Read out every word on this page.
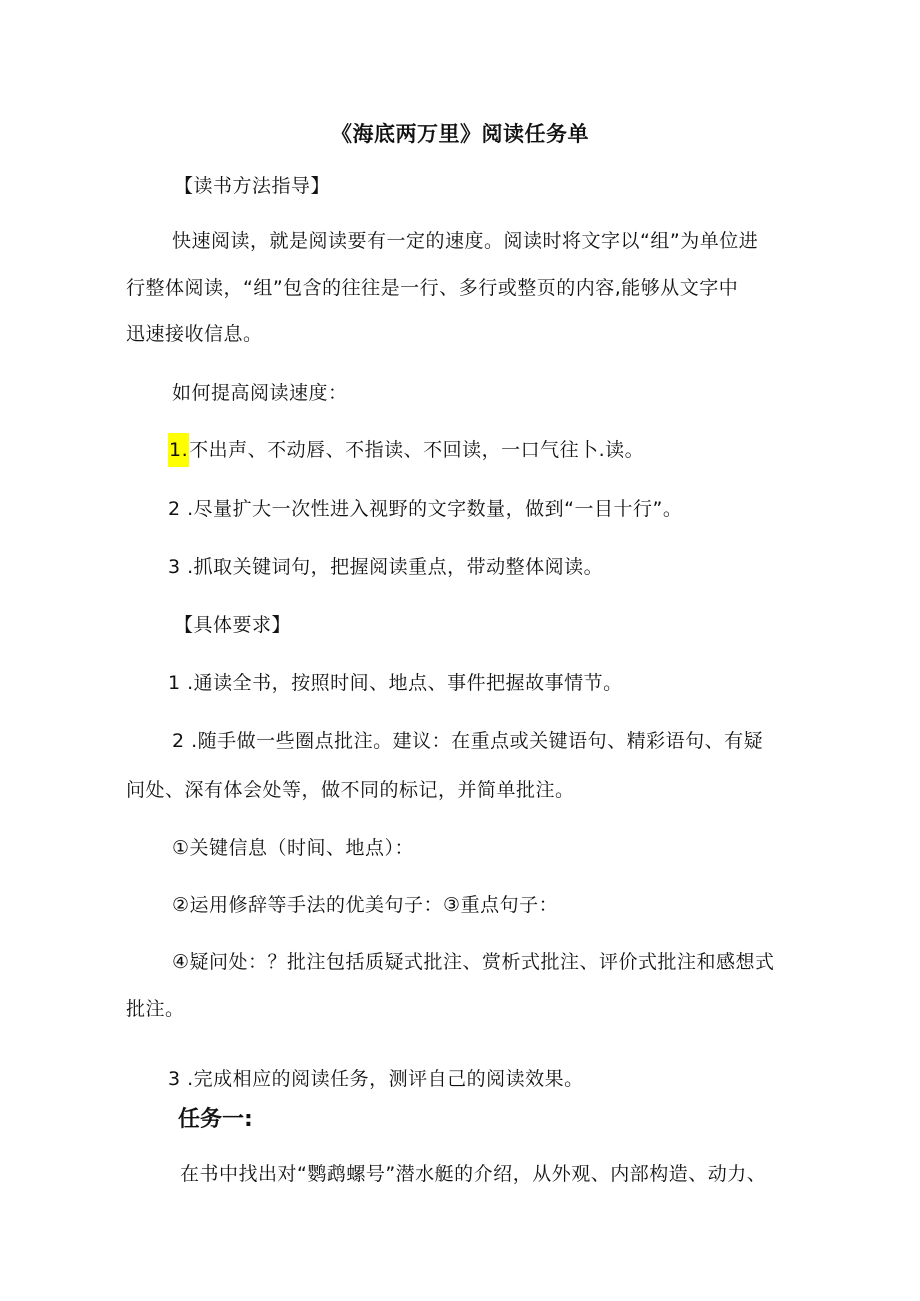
《海底两万里》阅读任务单
【读书方法指导】
快速阅读，就是阅读要有一定的速度。阅读时将文字以“组”为单位进
行整体阅读，“组”包含的往往是一行、多行或整页的内容,能够从文字中
迅速接收信息。
如何提高阅读速度：
1.不出声、不动唇、不指读、不回读，一口气往卜.读。
2 .尽量扩大一次性进入视野的文字数量，做到“一目十行”。
3 .抓取关键词句，把握阅读重点，带动整体阅读。
【具体要求】
1 .通读全书，按照时间、地点、事件把握故事情节。
2 .随手做一些圈点批注。建议：在重点或关键语句、精彩语句、有疑
问处、深有体会处等，做不同的标记，并简单批注。
①关键信息（时间、地点）：
②运用修辞等手法的优美句子：③重点句子：
④疑问处：？批注包括质疑式批注、赏析式批注、评价式批注和感想式
批注。
3 .完成相应的阅读任务，测评自己的阅读效果。
任务一:
在书中找出对“鹦鹉螺号”潜水艇的介绍，从外观、内部构造、动力、
